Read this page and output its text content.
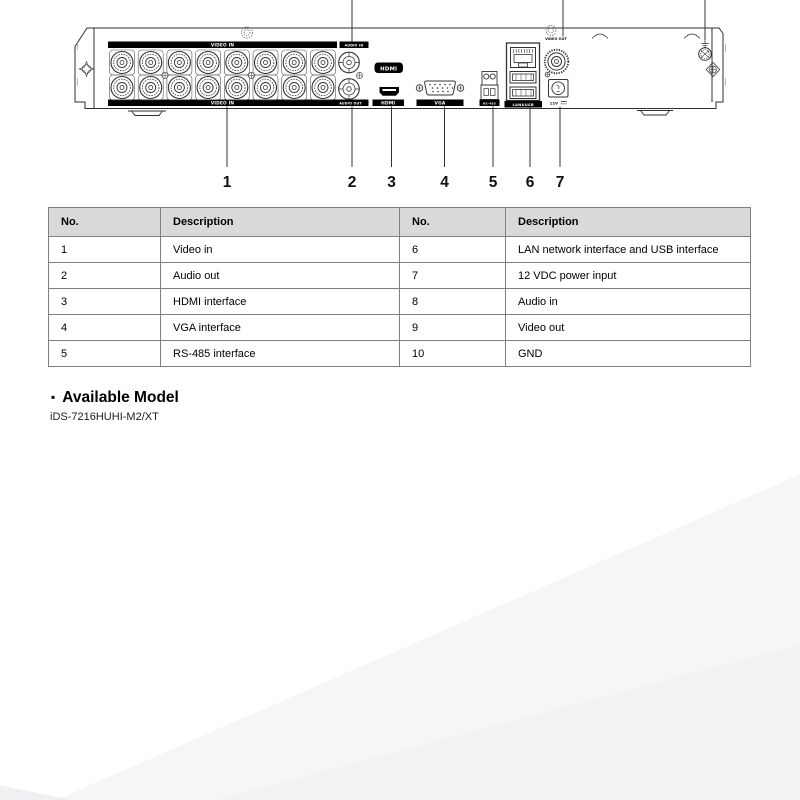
VIDEO IN
VIDEO IN
AUDIO IN
AUDIO OUT
HDMI
HDMI	VGA	RS-485	LAN&USB
VIDEO OUT
12V
1	2 3	4	5 6 7
No.	Description	No.	Description
1	Video in	6	LAN network interface and USB interface
2	Audio out	7	12 VDC power input
3	HDMI interface	8	Audio in
4	VGA interface	9	Video out
5	RS-485 interface	10	GND
▪ Available Model
iDS-7216HUHI-M2/XT
